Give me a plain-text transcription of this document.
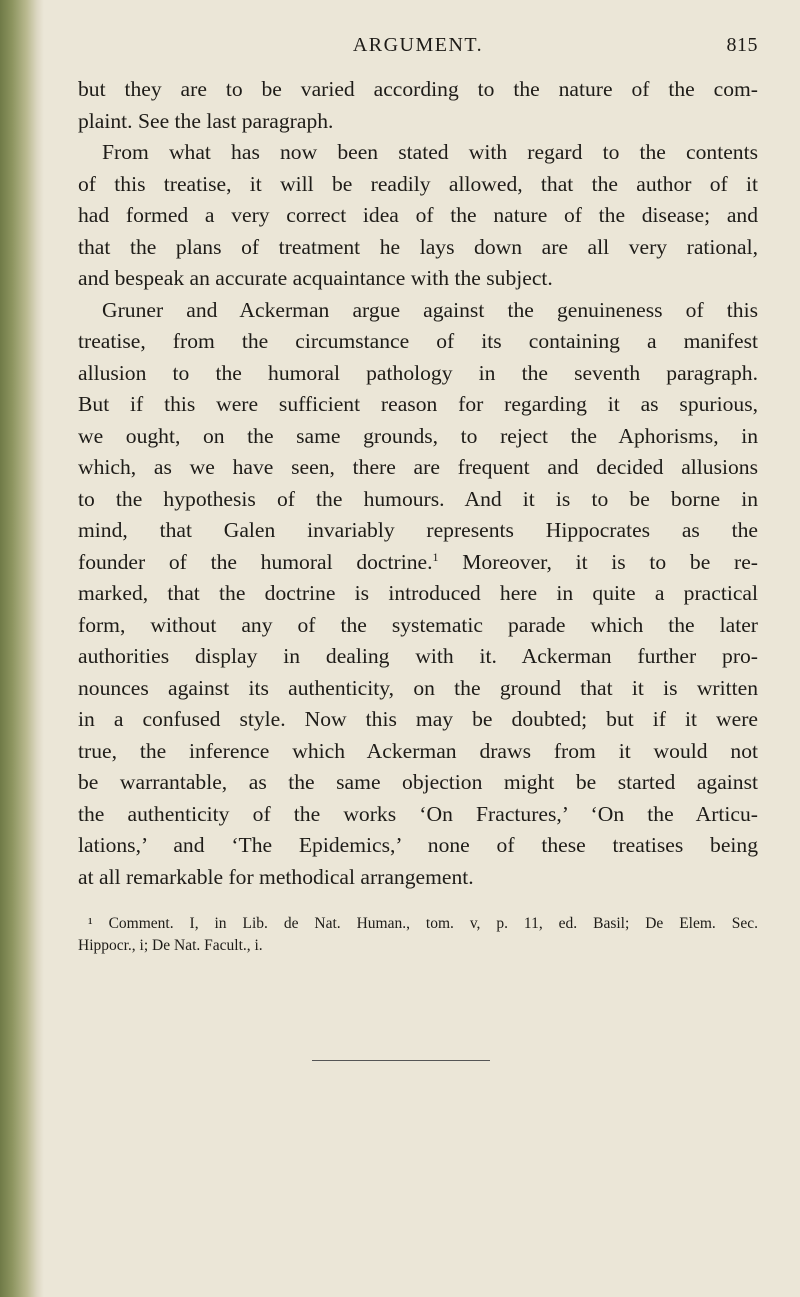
ARGUMENT.	815
but they are to be varied according to the nature of the com-
plaint. See the last paragraph.
From what has now been stated with regard to the contents
of this treatise, it will be readily allowed, that the author of it
had formed a very correct idea of the nature of the disease; and
that the plans of treatment he lays down are all very rational,
and bespeak an accurate acquaintance with the subject.
Gruner and Ackerman argue against the genuineness of this
treatise, from the circumstance of its containing a manifest
allusion to the humoral pathology in the seventh paragraph.
But if this were sufficient reason for regarding it as spurious,
we ought, on the same grounds, to reject the Aphorisms, in
which, as we have seen, there are frequent and decided allusions
to the hypothesis of the humours. And it is to be borne in
mind, that Galen invariably represents Hippocrates as the
founder of the humoral doctrine.$^1$ Moreover, it is to be re-
marked, that the doctrine is introduced here in quite a practical
form, without any of the systematic parade which the later
authorities display in dealing with it. Ackerman further pro-
nounces against its authenticity, on the ground that it is written
in a confused style. Now this may be doubted; but if it were
true, the inference which Ackerman draws from it would not
be warrantable, as the same objection might be started against
the authenticity of the works ‘On Fractures,’ ‘On the Articu-
lations,’ and ‘The Epidemics,’ none of these treatises being
at all remarkable for methodical arrangement.
¹ Comment. I, in Lib. de Nat. Human., tom. v, p. 11, ed. Basil; De Elem. Sec.
Hippocr., i; De Nat. Facult., i.
